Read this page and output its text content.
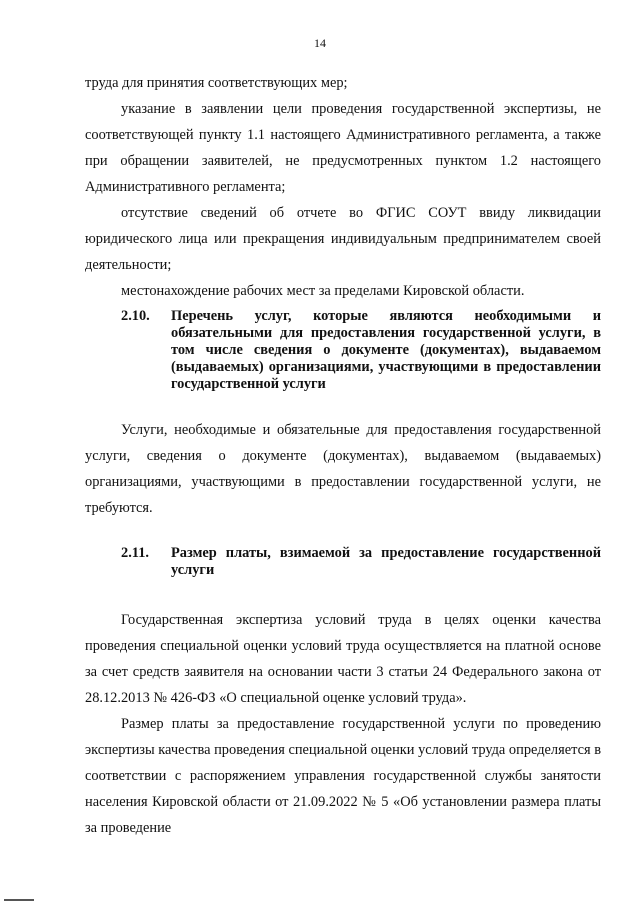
14

труда для принятия соответствующих мер;

указание в заявлении цели проведения государственной экспертизы, не соответствующей пункту 1.1 настоящего Административного регламента, а также при обращении заявителей, не предусмотренных пунктом 1.2 настоящего Административного регламента;

отсутствие сведений об отчете во ФГИС СОУТ ввиду ликвидации юридического лица или прекращения индивидуальным предпринимателем своей деятельности;

местонахождение рабочих мест за пределами Кировской области.

2.10.	Перечень услуг, которые являются необходимыми и обязательными для предоставления государственной услуги, в том числе сведения о документе (документах), выдаваемом (выдаваемых) организациями, участвующими в предоставлении государственной услуги

Услуги, необходимые и обязательные для предоставления государственной услуги, сведения о документе (документах), выдаваемом (выдаваемых) организациями, участвующими в предоставлении государственной услуги, не требуются.

2.11.	Размер платы, взимаемой за предоставление государственной услуги

Государственная экспертиза условий труда в целях оценки качества проведения специальной оценки условий труда осуществляется на платной основе за счет средств заявителя на основании части 3 статьи 24 Федерального закона от 28.12.2013 № 426-ФЗ «О специальной оценке условий труда».

Размер платы за предоставление государственной услуги по проведению экспертизы качества проведения специальной оценки условий труда определяется в соответствии с распоряжением управления государственной службы занятости населения Кировской области от 21.09.2022 № 5 «Об установлении размера платы за проведение
